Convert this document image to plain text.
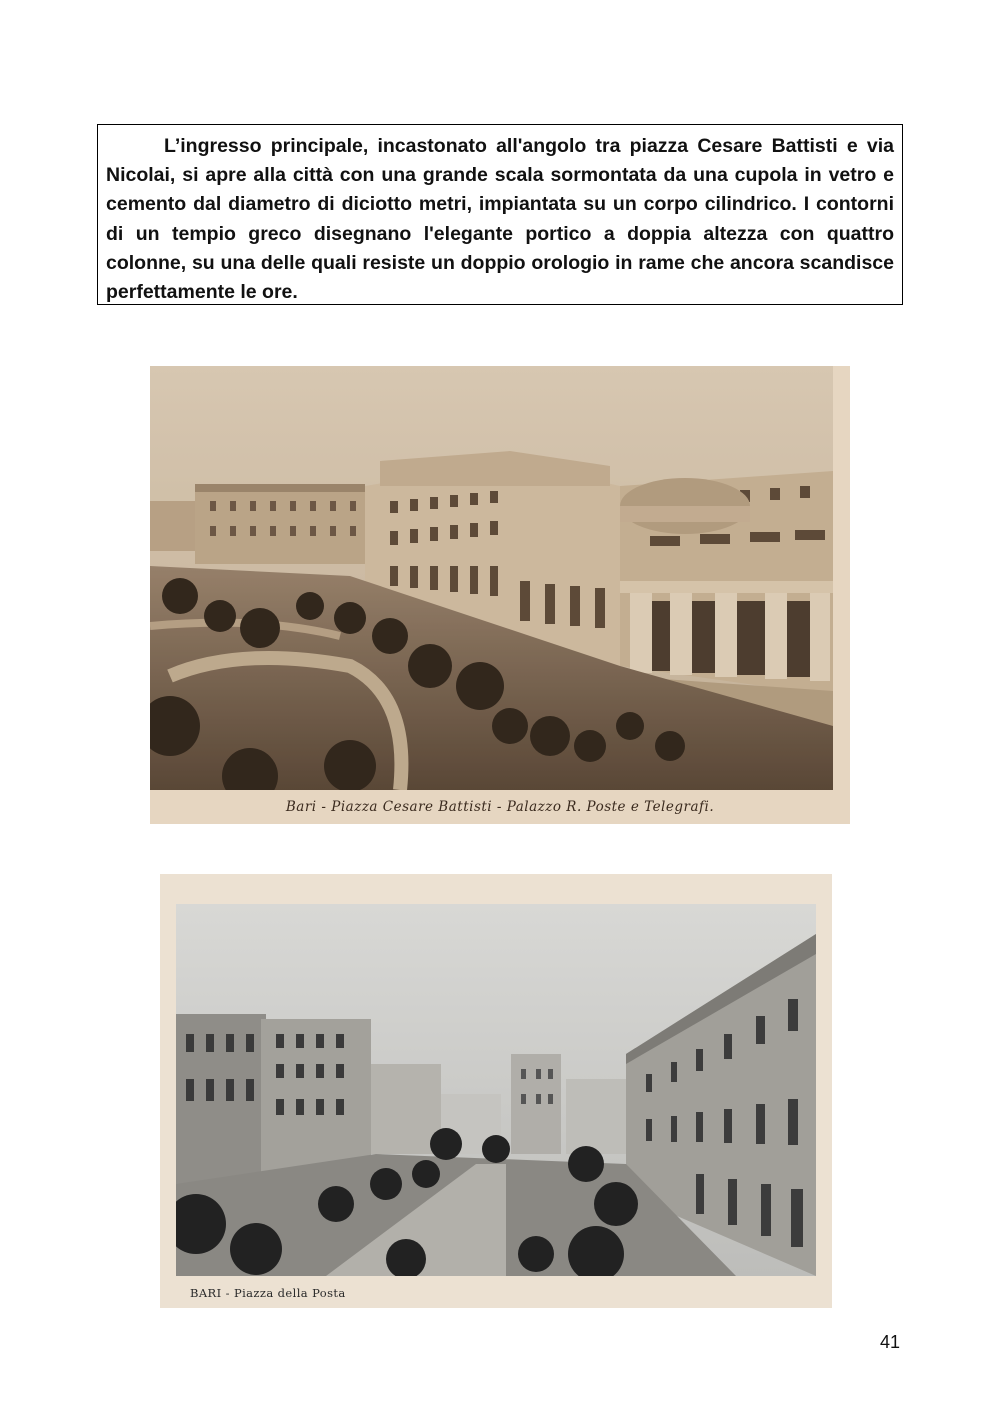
L’ingresso principale, incastonato all'angolo tra piazza Cesare Battisti e via Nicolai, si apre alla città con una grande scala sormontata da una cupola in vetro e cemento dal diametro di diciotto metri, impiantata su un corpo cilindrico. I contorni di un tempio greco disegnano l'elegante portico a doppia altezza con quattro colonne, su una delle quali resiste un doppio orologio in rame che ancora scandisce perfettamente le ore.

Bari - Piazza Cesare Battisti - Palazzo R. Poste e Telegrafi.
BARI - Piazza della Posta
41
